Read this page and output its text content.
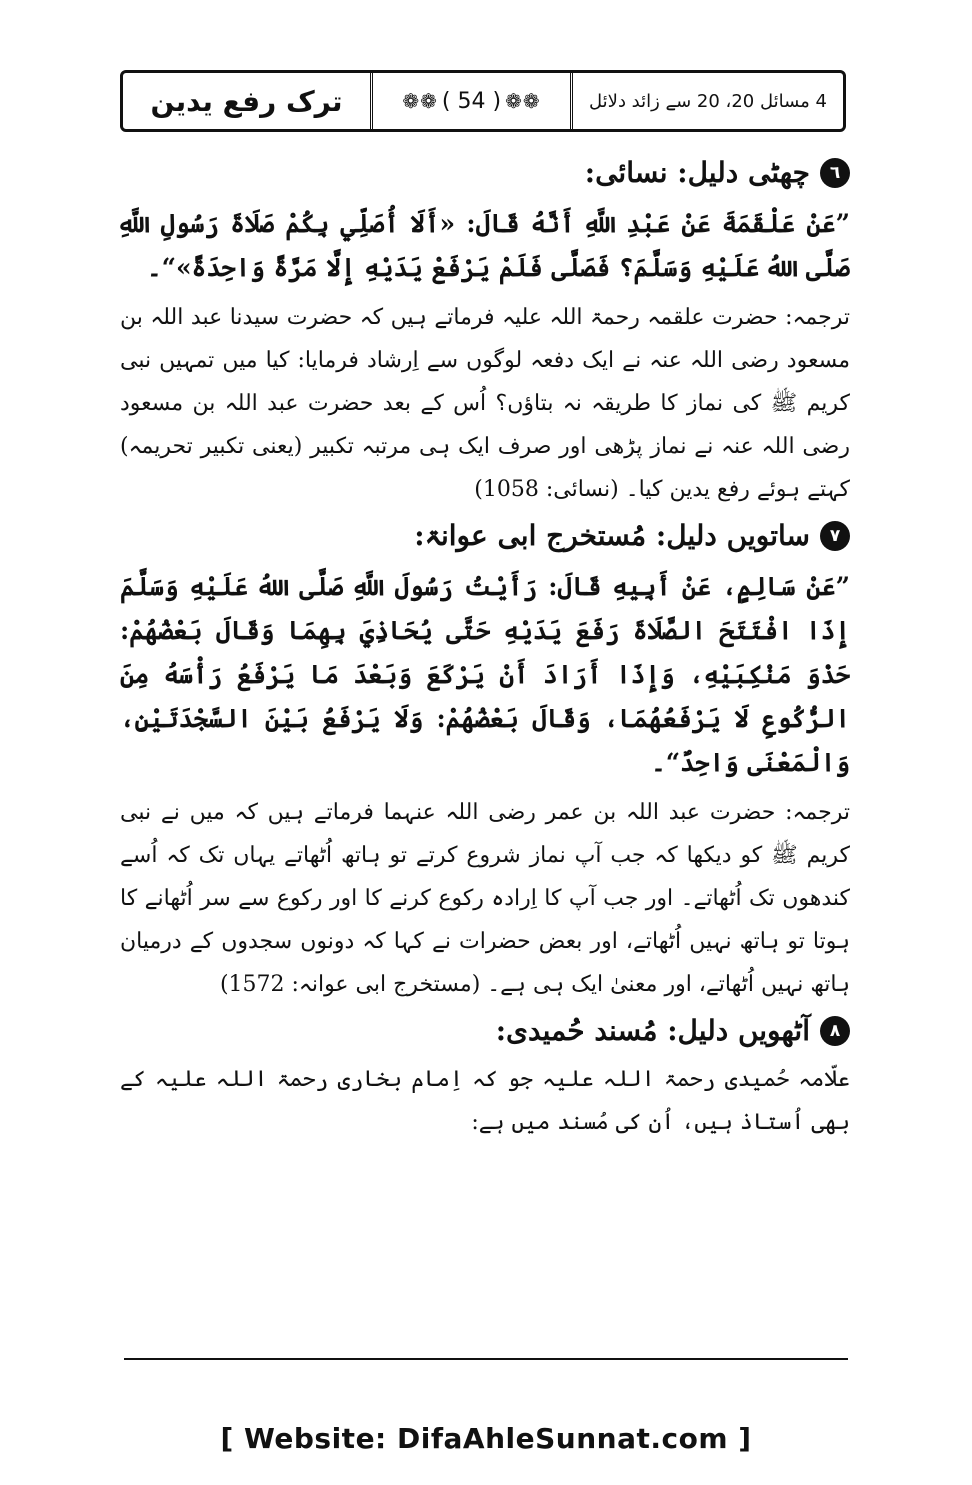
ترک رفع یدین	❁❁ ( 54 ) ❁❁	4 مسائل 20، 20 سے زائد دلائل
٦
چھٹی دلیل: نسائی:

”عَنْ عَلْقَمَةَ عَنْ عَبْدِ اللَّهِ أَنَّهُ قَالَ: «أَلَا أُصَلِّي بِكُمْ صَلَاةَ رَسُولِ اللَّهِ صَلَّى اللهُ عَلَيْهِ وَسَلَّمَ؟ فَصَلَّى فَلَمْ يَرْفَعْ يَدَيْهِ إِلَّا مَرَّةً وَاحِدَةً»“۔

ترجمہ: حضرت علقمہ رحمۃ اللہ علیہ فرماتے ہیں کہ حضرت سیدنا عبد اللہ بن مسعود رضی اللہ عنہ نے ایک دفعہ لوگوں سے اِرشاد فرمایا: کیا میں تمہیں نبی کریم ﷺ کی نماز کا طریقہ نہ بتاؤں؟ اُس کے بعد حضرت عبد اللہ بن مسعود رضی اللہ عنہ نے نماز پڑھی اور صرف ایک ہی مرتبہ تکبیر (یعنی تکبیر تحریمہ) کہتے ہوئے رفع یدین کیا۔ (نسائی: 1058)

٧
ساتویں دلیل: مُستخرج ابی عوانۃ:

”عَنْ سَالِمٍ، عَنْ أَبِيهِ قَالَ: رَأَيْتُ رَسُولَ اللَّهِ صَلَّى اللهُ عَلَيْهِ وَسَلَّمَ إِذَا افْتَتَحَ الصَّلَاةَ رَفَعَ يَدَيْهِ حَتَّى يُحَاذِيَ بِهِمَا وَقَالَ بَعْضُهُمْ: حَذْوَ مَنْكِبَيْهِ، وَإِذَا أَرَادَ أَنْ يَرْكَعَ وَبَعْدَ مَا يَرْفَعُ رَأْسَهُ مِنَ الرُّكُوعِ لَا يَرْفَعُهُمَا، وَقَالَ بَعْضُهُمْ: وَلَا يَرْفَعُ بَيْنَ السَّجْدَتَيْنِ، وَالْمَعْنَى وَاحِدٌ“۔

ترجمہ: حضرت عبد اللہ بن عمر رضی اللہ عنہما فرماتے ہیں کہ میں نے نبی کریم ﷺ کو دیکھا کہ جب آپ نماز شروع کرتے تو ہاتھ اُٹھاتے یہاں تک کہ اُسے کندھوں تک اُٹھاتے۔ اور جب آپ کا اِرادہ رکوع کرنے کا اور رکوع سے سر اُٹھانے کا ہوتا تو ہاتھ نہیں اُٹھاتے، اور بعض حضرات نے کہا کہ دونوں سجدوں کے درمیان ہاتھ نہیں اُٹھاتے، اور معنیٰ ایک ہی ہے۔ (مستخرج ابی عوانہ: 1572)

٨
آٹھویں دلیل: مُسند حُمیدی:

علّامہ حُمیدی رحمۃ اللہ علیہ جو کہ اِمام بخاری رحمۃ اللہ علیہ کے بھی اُستاذ ہیں، اُن کی مُسند میں ہے:

[ Website: DifaAhleSunnat.com ]
